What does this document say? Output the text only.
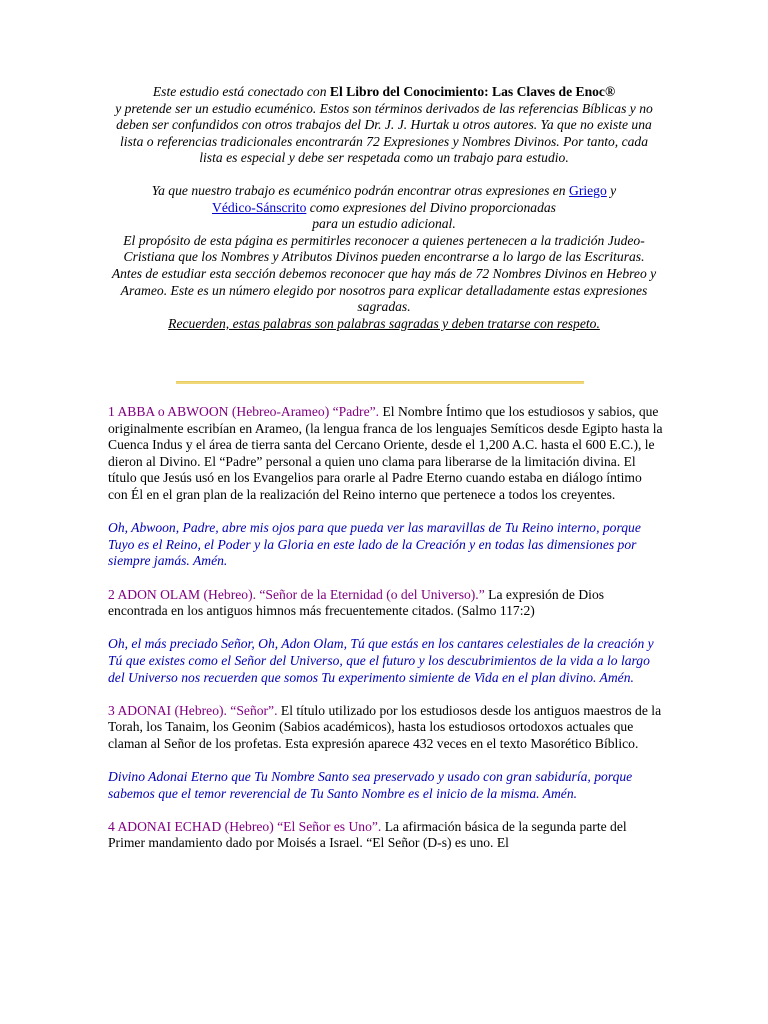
Este estudio está conectado con El Libro del Conocimiento: Las Claves de Enoc®
y pretende ser un estudio ecuménico. Estos son términos derivados de las referencias Bíblicas y no deben ser confundidos con otros trabajos del Dr. J. J. Hurtak u otros autores. Ya que no existe una lista o referencias tradicionales encontrarán 72 Expresiones y Nombres Divinos. Por tanto, cada lista es especial y debe ser respetada como un trabajo para estudio.

Ya que nuestro trabajo es ecuménico podrán encontrar otras expresiones en Griego y
Védico-Sánscrito como expresiones del Divino proporcionadas
para un estudio adicional.

El propósito de esta página es permitirles reconocer a quienes pertenecen a la tradición Judeo-Cristiana que los Nombres y Atributos Divinos pueden encontrarse a lo largo de las Escrituras. Antes de estudiar esta sección debemos reconocer que hay más de 72 Nombres Divinos en Hebreo y Arameo. Este es un número elegido por nosotros para explicar detalladamente estas expresiones sagradas.

Recuerden, estas palabras son palabras sagradas y deben tratarse con respeto.

1 ABBA o ABWOON (Hebreo-Arameo) “Padre”. El Nombre Íntimo que los estudiosos y sabios, que originalmente escribían en Arameo, (la lengua franca de los lenguajes Semíticos desde Egipto hasta la Cuenca Indus y el área de tierra santa del Cercano Oriente, desde el 1,200 A.C. hasta el 600 E.C.), le dieron al Divino. El “Padre” personal a quien uno clama para liberarse de la limitación divina. El título que Jesús usó en los Evangelios para orarle al Padre Eterno cuando estaba en diálogo íntimo con Él en el gran plan de la realización del Reino interno que pertenece a todos los creyentes.

Oh, Abwoon, Padre, abre mis ojos para que pueda ver las maravillas de Tu Reino interno, porque Tuyo es el Reino, el Poder y la Gloria en este lado de la Creación y en todas las dimensiones por siempre jamás. Amén.

2 ADON OLAM (Hebreo). “Señor de la Eternidad (o del Universo).” La expresión de Dios encontrada en los antiguos himnos más frecuentemente citados. (Salmo 117:2)

Oh, el más preciado Señor, Oh, Adon Olam, Tú que estás en los cantares celestiales de la creación y Tú que existes como el Señor del Universo, que el futuro y los descubrimientos de la vida a lo largo del Universo nos recuerden que somos Tu experimento simiente de Vida en el plan divino. Amén.

3 ADONAI (Hebreo). “Señor”. El título utilizado por los estudiosos desde los antiguos maestros de la Torah, los Tanaim, los Geonim (Sabios académicos), hasta los estudiosos ortodoxos actuales que claman al Señor de los profetas. Esta expresión aparece 432 veces en el texto Masorético Bíblico.

Divino Adonai Eterno que Tu Nombre Santo sea preservado y usado con gran sabiduría, porque sabemos que el temor reverencial de Tu Santo Nombre es el inicio de la misma. Amén.

4 ADONAI ECHAD (Hebreo) “El Señor es Uno”. La afirmación básica de la segunda parte del Primer mandamiento dado por Moisés a Israel. “El Señor (D-s) es uno. El
